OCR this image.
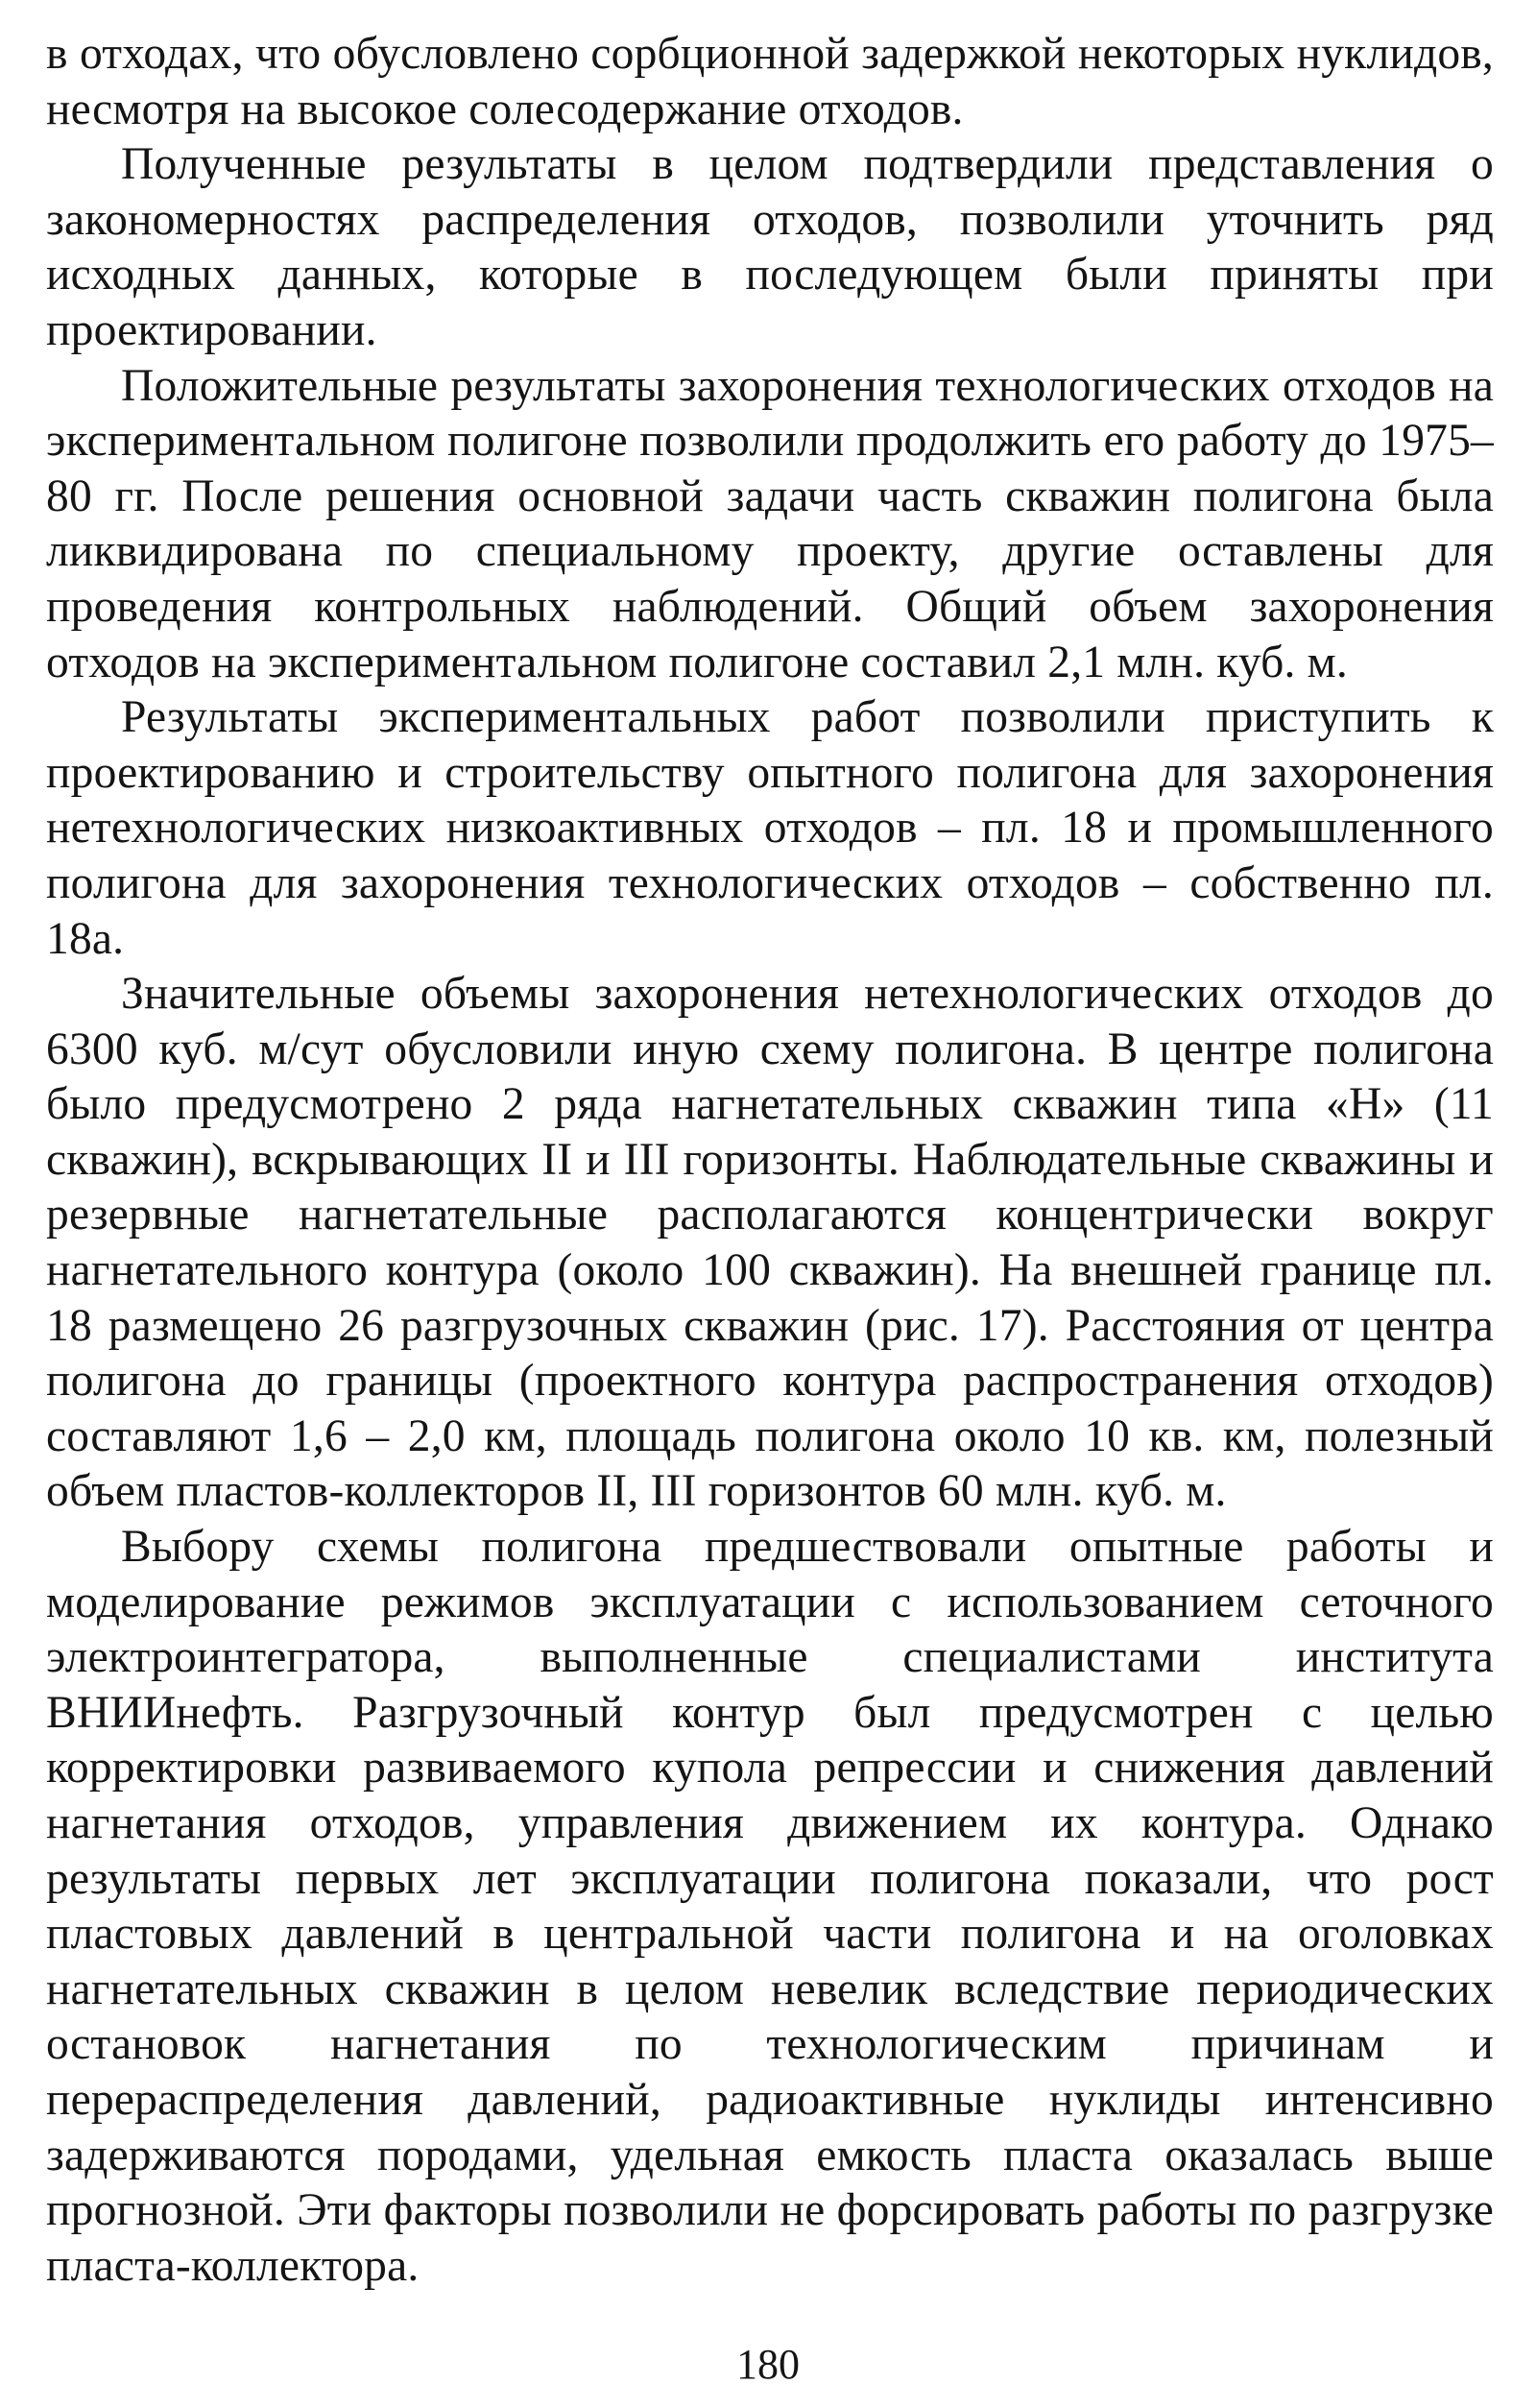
в отходах, что обусловлено сорбционной задержкой некоторых нуклидов, несмотря на высокое солесодержание отходов.

Полученные результаты в целом подтвердили представления о закономерностях распределения отходов, позволили уточнить ряд исходных данных, которые в последующем были приняты при проектировании.

Положительные результаты захоронения технологических отходов на экспериментальном полигоне позволили продолжить его работу до 1975–80 гг. После решения основной задачи часть скважин полигона была ликвидирована по специальному проекту, другие оставлены для проведения контрольных наблюдений. Общий объем захоронения отходов на экспериментальном полигоне составил 2,1 млн. куб. м.

Результаты экспериментальных работ позволили приступить к проектированию и строительству опытного полигона для захоронения нетехнологических низкоактивных отходов – пл. 18 и промышленного полигона для захоронения технологических отходов – собственно пл. 18а.

Значительные объемы захоронения нетехнологических отходов до 6300 куб. м/сут обусловили иную схему полигона. В центре полигона было предусмотрено 2 ряда нагнетательных скважин типа «Н» (11 скважин), вскрывающих II и III горизонты. Наблюдательные скважины и резервные нагнетательные располагаются концентрически вокруг нагнетательного контура (около 100 скважин). На внешней границе пл. 18 размещено 26 разгрузочных скважин (рис. 17). Расстояния от центра полигона до границы (проектного контура распространения отходов) составляют 1,6 – 2,0 км, площадь полигона около 10 кв. км, полезный объем пластов-коллекторов II, III горизонтов 60 млн. куб. м.

Выбору схемы полигона предшествовали опытные работы и моделирование режимов эксплуатации с использованием сеточного электроинтегратора, выполненные специалистами института ВНИИнефть. Разгрузочный контур был предусмотрен с целью корректировки развиваемого купола репрессии и снижения давлений нагнетания отходов, управления движением их контура. Однако результаты первых лет эксплуатации полигона показали, что рост пластовых давлений в центральной части полигона и на оголовках нагнетательных скважин в целом невелик вследствие периодических остановок нагнетания по технологическим причинам и перераспределения давлений, радиоактивные нуклиды интенсивно задерживаются породами, удельная емкость пласта оказалась выше прогнозной. Эти факторы позволили не форсировать работы по разгрузке пласта-коллектора.

180
